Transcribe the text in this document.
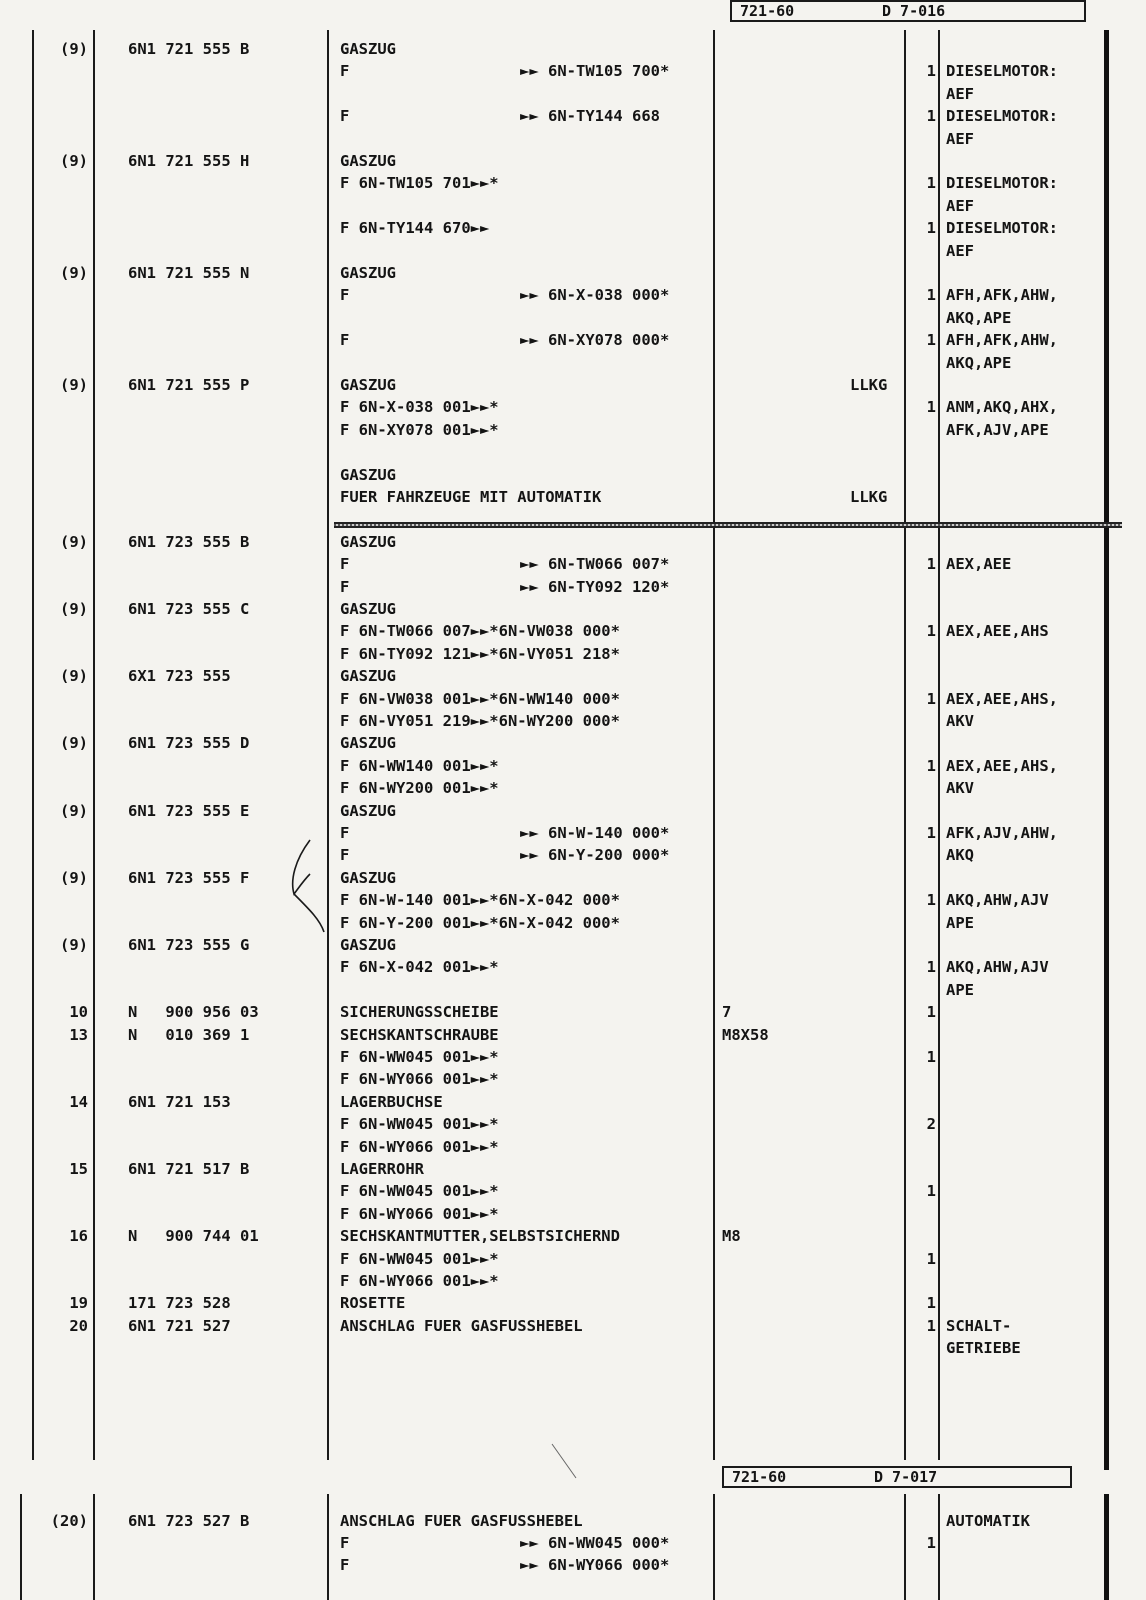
721-60	D 7-016
(9)	6N1 721 555 B	GASZUG
F	►► 6N-TW105 700*	1 DIESELMOTOR:
AEF
F	►► 6N-TY144 668	1 DIESELMOTOR:
AEF
(9)	6N1 721 555 H	GASZUG
F 6N-TW105 701►►*	1 DIESELMOTOR:
AEF
F 6N-TY144 670►►	1 DIESELMOTOR:
AEF
(9)	6N1 721 555 N	GASZUG
F	►► 6N-X-038 000*	1 AFH,AFK,AHW,
AKQ,APE
F	►► 6N-XY078 000*	1 AFH,AFK,AHW,
AKQ,APE
(9)	6N1 721 555 P	GASZUG	LLKG
F 6N-X-038 001►►*	1 ANM,AKQ,AHX,
F 6N-XY078 001►►*	AFK,AJV,APE
GASZUG
FUER FAHRZEUGE MIT AUTOMATIK	LLKG
(9)	6N1 723 555 B	GASZUG
F	►► 6N-TW066 007*	1 AEX,AEE
F	►► 6N-TY092 120*
(9)	6N1 723 555 C	GASZUG
F 6N-TW066 007►►*6N-VW038 000*	1 AEX,AEE,AHS
F 6N-TY092 121►►*6N-VY051 218*
(9)	6X1 723 555	GASZUG
F 6N-VW038 001►►*6N-WW140 000*	1 AEX,AEE,AHS,
F 6N-VY051 219►►*6N-WY200 000*	AKV
(9)	6N1 723 555 D	GASZUG
F 6N-WW140 001►►*	1 AEX,AEE,AHS,
F 6N-WY200 001►►*	AKV
(9)	6N1 723 555 E	GASZUG
F	►► 6N-W-140 000*	1 AFK,AJV,AHW,
F	►► 6N-Y-200 000*	AKQ
(9)	6N1 723 555 F	GASZUG
F 6N-W-140 001►►*6N-X-042 000*	1 AKQ,AHW,AJV
F 6N-Y-200 001►►*6N-X-042 000*	APE
(9)	6N1 723 555 G	GASZUG
F 6N-X-042 001►►*	1 AKQ,AHW,AJV
APE
10	N   900 956 03	SICHERUNGSSCHEIBE	7	1
13	N   010 369 1	SECHSKANTSCHRAUBE	M8X58
F 6N-WW045 001►►*	1
F 6N-WY066 001►►*
14	6N1 721 153	LAGERBUCHSE
F 6N-WW045 001►►*	2
F 6N-WY066 001►►*
15	6N1 721 517 B	LAGERROHR
F 6N-WW045 001►►*	1
F 6N-WY066 001►►*
16	N   900 744 01	SECHSKANTMUTTER,SELBSTSICHERND	M8
F 6N-WW045 001►►*	1
F 6N-WY066 001►►*
19	171 723 528	ROSETTE	1
20	6N1 721 527	ANSCHLAG FUER GASFUSSHEBEL	1 SCHALT-
GETRIEBE
721-60	D 7-017
(20)	6N1 723 527 B	ANSCHLAG FUER GASFUSSHEBEL	AUTOMATIK
F	►► 6N-WW045 000*	1
F	►► 6N-WY066 000*
